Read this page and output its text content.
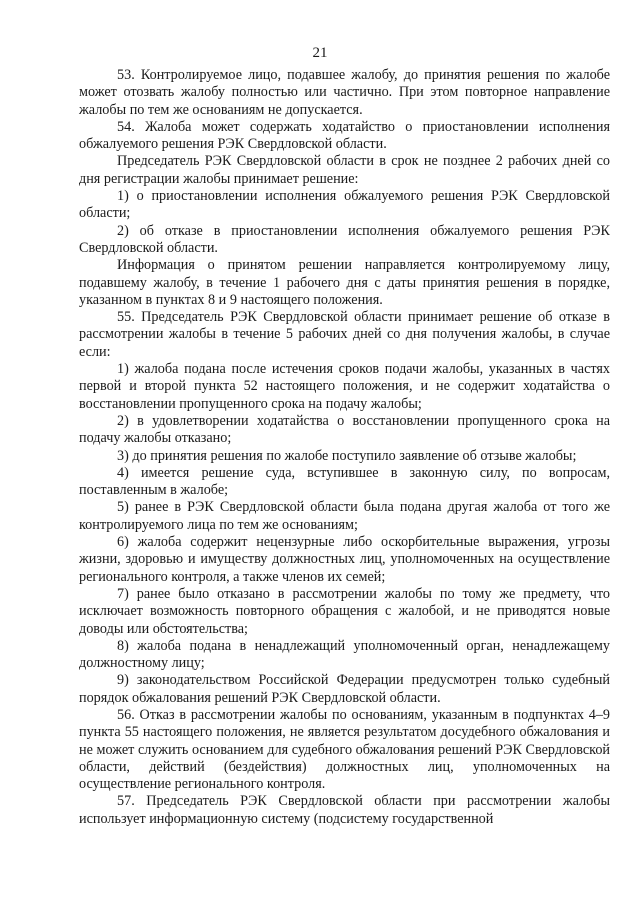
21

53. Контролируемое лицо, подавшее жалобу, до принятия решения по жалобе может отозвать жалобу полностью или частично. При этом повторное направление жалобы по тем же основаниям не допускается.

54. Жалоба может содержать ходатайство о приостановлении исполнения обжалуемого решения РЭК Свердловской области.

Председатель РЭК Свердловской области в срок не позднее 2 рабочих дней со дня регистрации жалобы принимает решение:

1) о приостановлении исполнения обжалуемого решения РЭК Свердловской области;

2) об отказе в приостановлении исполнения обжалуемого решения РЭК Свердловской области.

Информация о принятом решении направляется контролируемому лицу, подавшему жалобу, в течение 1 рабочего дня с даты принятия решения в порядке, указанном в пунктах 8 и 9 настоящего положения.

55. Председатель РЭК Свердловской области принимает решение об отказе в рассмотрении жалобы в течение 5 рабочих дней со дня получения жалобы, в случае если:

1) жалоба подана после истечения сроков подачи жалобы, указанных в частях первой и второй пункта 52 настоящего положения, и не содержит ходатайства о восстановлении пропущенного срока на подачу жалобы;

2) в удовлетворении ходатайства о восстановлении пропущенного срока на подачу жалобы отказано;

3) до принятия решения по жалобе поступило заявление об отзыве жалобы;

4) имеется решение суда, вступившее в законную силу, по вопросам, поставленным в жалобе;

5) ранее в РЭК Свердловской области была подана другая жалоба от того же контролируемого лица по тем же основаниям;

6) жалоба содержит нецензурные либо оскорбительные выражения, угрозы жизни, здоровью и имуществу должностных лиц, уполномоченных на осуществление регионального контроля, а также членов их семей;

7) ранее было отказано в рассмотрении жалобы по тому же предмету, что исключает возможность повторного обращения с жалобой, и не приводятся новые доводы или обстоятельства;

8) жалоба подана в ненадлежащий уполномоченный орган, ненадлежащему должностному лицу;

9) законодательством Российской Федерации предусмотрен только судебный порядок обжалования решений РЭК Свердловской области.

56. Отказ в рассмотрении жалобы по основаниям, указанным в подпунктах 4–9 пункта 55 настоящего положения, не является результатом досудебного обжалования и не может служить основанием для судебного обжалования решений РЭК Свердловской области, действий (бездействия) должностных лиц, уполномоченных на осуществление регионального контроля.

57. Председатель РЭК Свердловской области при рассмотрении жалобы использует информационную систему (подсистему государственной
